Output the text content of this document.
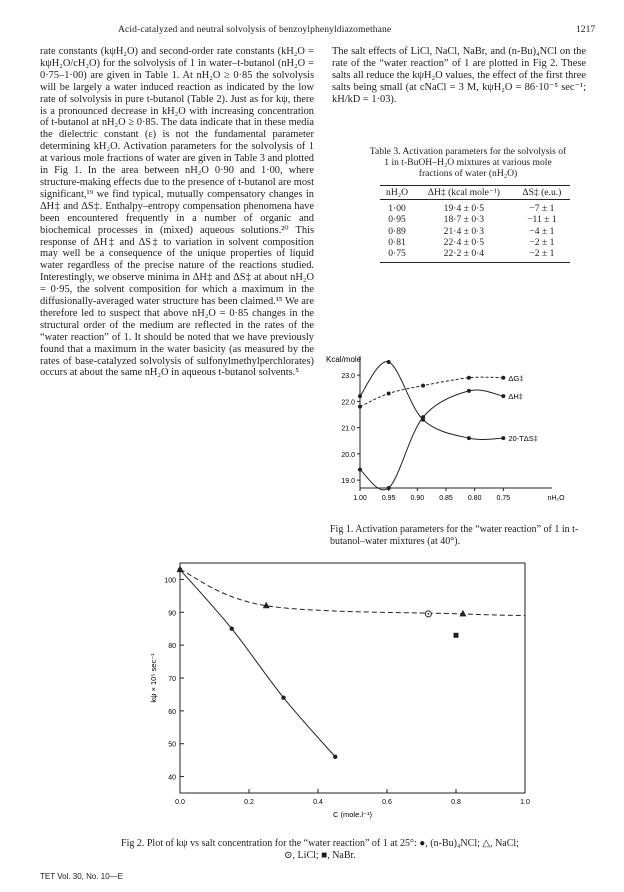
Acid-catalyzed and neutral solvolysis of benzoylphenyldiazomethane	1217

rate constants (kψH₂O) and second-order rate constants (kH₂O = kψH₂O/cH₂O) for the solvolysis of 1 in water–t-butanol (nH₂O = 0·75–1·00) are given in Table 1. At nH₂O ≥ 0·85 the solvolysis will be largely a water induced reaction as indicated by the low rate of solvolysis in pure t-butanol (Table 2). Just as for kψ, there is a pronounced decrease in kH₂O with increasing concentration of t-butanol at nH₂O ≥ 0·85. The data indicate that in these media the dielectric constant (ε) is not the fundamental parameter determining kH₂O. Activation parameters for the solvolysis of 1 at various mole fractions of water are given in Table 3 and plotted in Fig 1. In the area between nH₂O 0·90 and 1·00, where structure-making effects due to the presence of t-butanol are most significant,¹⁹ we find typical, mutually compensatory changes in ΔH‡ and ΔS‡. Enthalpy–entropy compensation phenomena have been encountered frequently in a number of organic and biochemical processes in (mixed) aqueous solutions.²⁰ This response of ΔH‡ and ΔS‡ to variation in solvent composition may well be a consequence of the unique properties of liquid water regardless of the precise nature of the reactions studied. Interestingly, we observe minima in ΔH‡ and ΔS‡ at about nH₂O = 0·95, the solvent composition for which a maximum in the diffusionally-averaged water structure has been claimed.¹⁵ We are therefore led to suspect that above nH₂O = 0·85 changes in the structural order of the medium are reflected in the rates of the “water reaction” of 1. It should be noted that we have previously found that a maximum in the water basicity (as measured by the rates of base-catalyzed solvolysis of sulfonylmethylperchlorates) occurs at about the same nH₂O in aqueous t-butanol solvents.⁵

The salt effects of LiCl, NaCl, NaBr, and (n-Bu)₄NCl on the rate of the “water reaction” of 1 are plotted in Fig 2. These salts all reduce the kψH₂O values, the effect of the first three salts being small (at cNaCl = 3 M, kψH₂O = 86·10⁻⁵ sec⁻¹; kH/kD = 1·03).

Table 3. Activation parameters for the solvolysis of 1 in t-BuOH–H₂O mixtures at various mole fractions of water (nH₂O)
nH₂O	ΔH‡ (kcal mole⁻¹)	ΔS‡ (e.u.)
1·00	19·4 ± 0·5	−7 ± 1
0·95	18·7 ± 0·3	−11 ± 1
0·89	21·4 ± 0·3	−4 ± 1
0·81	22·4 ± 0·5	−2 ± 1
0·75	22·2 ± 0·4	−2 ± 1
Kcal/mole
23.0
22.0
21.0
20.0
19.0
1.00 0.95 0.90 0.85 0.80 0.75	nH₂O
ΔG‡
ΔH‡
20-TΔS‡
Fig 1. Activation parameters for the “water reaction” of 1 in t-butanol–water mixtures (at 40°).
100
90
80
70
60
50
40
0.0	0.2	0.4	0.6	0.8	1.0
C (mole.l⁻¹)
kψ × 10⁵ sec⁻¹
Fig 2. Plot of kψ vs salt concentration for the “water reaction” of 1 at 25°: ●, (n-Bu)₄NCl; △, NaCl;
⊙, LiCl; ■, NaBr.
TET Vol. 30, No. 10—E
